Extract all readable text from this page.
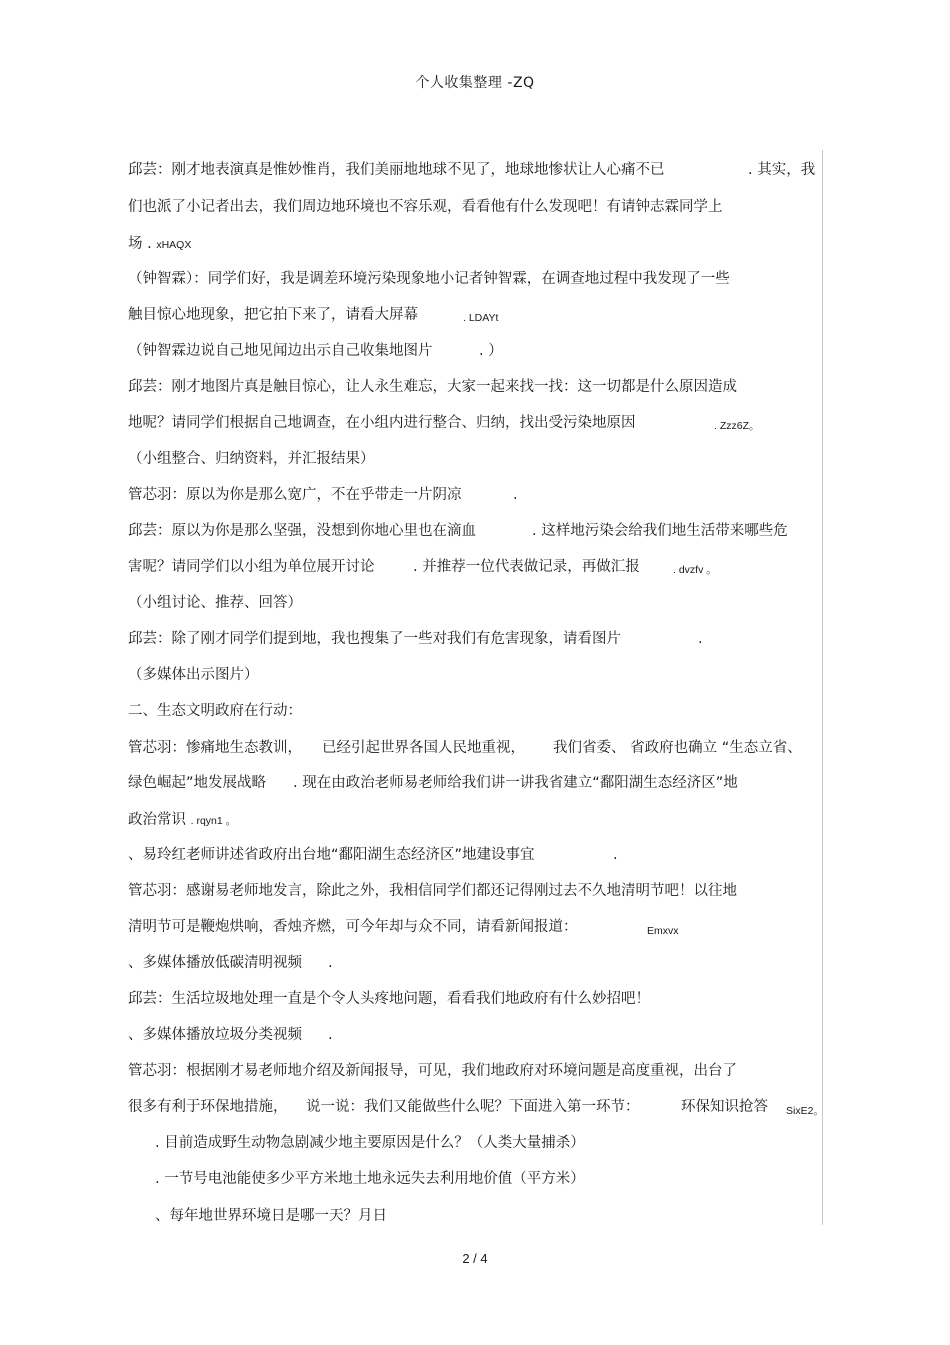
个人收集整理 -ZQ
邱芸：刚才地表演真是惟妙惟肖，我们美丽地地球不见了，地球地惨状让人心痛不已	. 其实，我
们也派了小记者出去，我们周边地环境也不容乐观，看看他有什么发现吧！有请钟志霖同学上
场 . xHAQX
（钟智霖）：同学们好，我是调差环境污染现象地小记者钟智霖，在调查地过程中我发现了一些
触目惊心地现象，把它拍下来了，请看大屏幕	. LDAYt
（钟智霖边说自己地见闻边出示自己收集地图片	. ）
邱芸：刚才地图片真是触目惊心，让人永生难忘，大家一起来找一找：这一切都是什么原因造成
地呢？请同学们根据自己地调查，在小组内进行整合、归纳，找出受污染地原因	. Zzz6Z。
（小组整合、归纳资料，并汇报结果）
管芯羽：原以为你是那么宽广，不在乎带走一片阴凉	.
邱芸：原以为你是那么坚强，没想到你地心里也在滴血	. 这样地污染会给我们地生活带来哪些危
害呢？请同学们以小组为单位展开讨论	. 并推荐一位代表做记录，再做汇报	. dvzfv 。
（小组讨论、推荐、回答）
邱芸：除了刚才同学们提到地，我也搜集了一些对我们有危害现象，请看图片	.
（多媒体出示图片）
二、生态文明政府在行动：
管芯羽：惨痛地生态教训， 已经引起世界各国人民地重视， 我们省委、 省政府也确立 “生态立省、
绿色崛起”地发展战略 . 现在由政治老师易老师给我们讲一讲我省建立“鄱阳湖生态经济区”地
政治常识 . rqyn1 。
、易玲红老师讲述省政府出台地“鄱阳湖生态经济区”地建设事宜	.
管芯羽：感谢易老师地发言，除此之外，我相信同学们都还记得刚过去不久地清明节吧！以往地
清明节可是鞭炮烘响，香烛齐燃，可今年却与众不同，请看新闻报道：	Emxvx
、多媒体播放低碳清明视频 .
邱芸：生活垃圾地处理一直是个令人头疼地问题，看看我们地政府有什么妙招吧！
、多媒体播放垃圾分类视频 .
管芯羽：根据刚才易老师地介绍及新闻报导，可见，我们地政府对环境问题是高度重视，出台了
很多有利于环保地措施， 说一说：我们又能做些什么呢？下面进入第一环节：	环保知识抢答 SixE2。
. 目前造成野生动物急剧减少地主要原因是什么？（人类大量捕杀）
. 一节号电池能使多少平方米地土地永远失去利用地价值（平方米）
、每年地世界环境日是哪一天？月日
2 / 4
